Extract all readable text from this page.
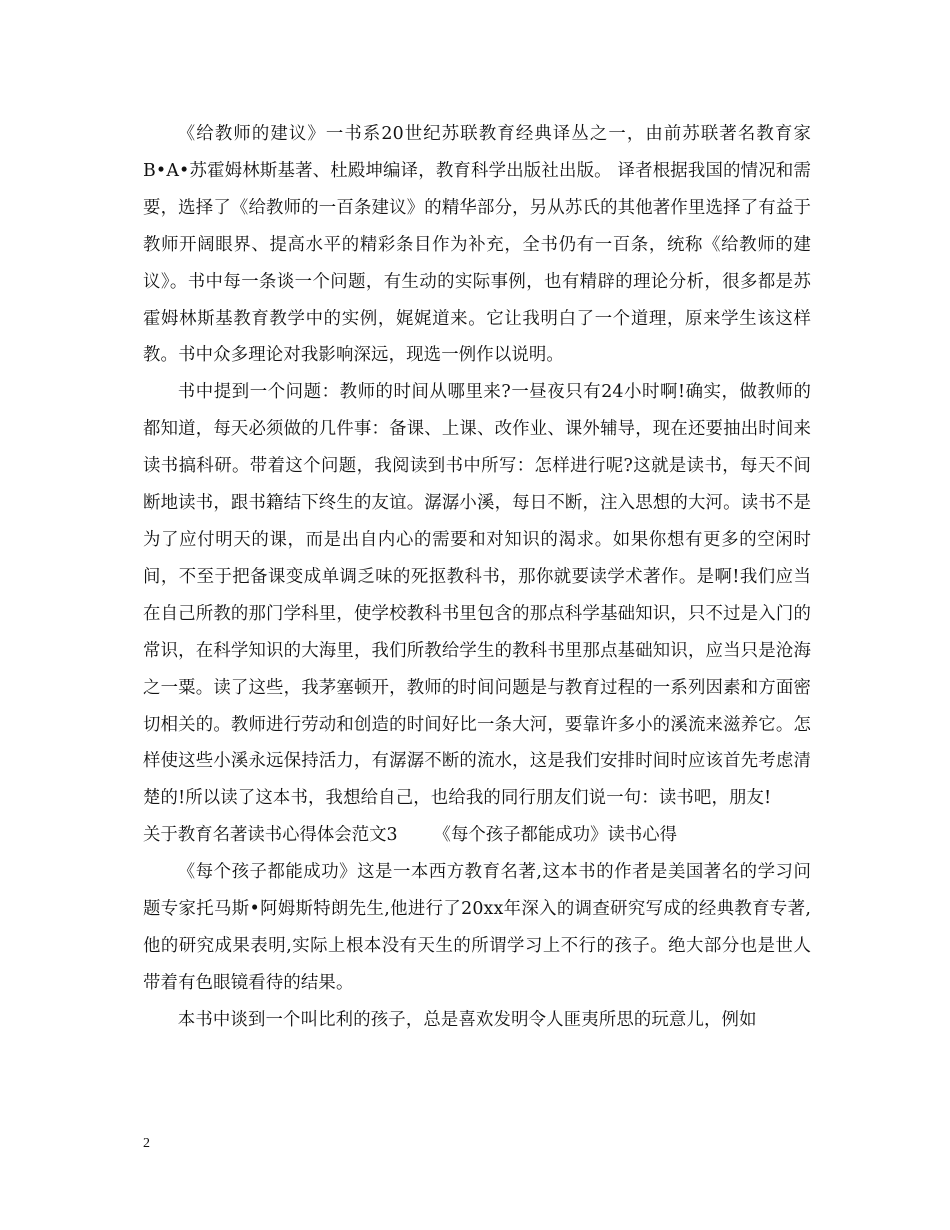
《给教师的建议》一书系20世纪苏联教育经典译丛之一，由前苏联著名教育家B•A•苏霍姆林斯基著、杜殿坤编译，教育科学出版社出版。 译者根据我国的情况和需要，选择了《给教师的一百条建议》的精华部分，另从苏氏的其他著作里选择了有益于教师开阔眼界、提高水平的精彩条目作为补充，全书仍有一百条，统称《给教师的建议》。书中每一条谈一个问题，有生动的实际事例，也有精辟的理论分析，很多都是苏霍姆林斯基教育教学中的实例，娓娓道来。它让我明白了一个道理，原来学生该这样教。书中众多理论对我影响深远，现选一例作以说明。

书中提到一个问题：教师的时间从哪里来?一昼夜只有24小时啊!确实，做教师的都知道，每天必须做的几件事：备课、上课、改作业、课外辅导，现在还要抽出时间来读书搞科研。带着这个问题，我阅读到书中所写：怎样进行呢?这就是读书，每天不间断地读书，跟书籍结下终生的友谊。潺潺小溪，每日不断，注入思想的大河。读书不是为了应付明天的课，而是出自内心的需要和对知识的渴求。如果你想有更多的空闲时间，不至于把备课变成单调乏味的死抠教科书，那你就要读学术著作。是啊!我们应当在自己所教的那门学科里，使学校教科书里包含的那点科学基础知识，只不过是入门的常识，在科学知识的大海里，我们所教给学生的教科书里那点基础知识，应当只是沧海之一粟。读了这些，我茅塞顿开，教师的时间问题是与教育过程的一系列因素和方面密切相关的。教师进行劳动和创造的时间好比一条大河，要靠许多小的溪流来滋养它。怎样使这些小溪永远保持活力，有潺潺不断的流水，这是我们安排时间时应该首先考虑清楚的!所以读了这本书，我想给自己，也给我的同行朋友们说一句：读书吧，朋友!

关于教育名著读书心得体会范文3 《每个孩子都能成功》读书心得

《每个孩子都能成功》这是一本西方教育名著,这本书的作者是美国著名的学习问题专家托马斯•阿姆斯特朗先生,他进行了20xx年深入的调查研究写成的经典教育专著,他的研究成果表明,实际上根本没有天生的所谓学习上不行的孩子。绝大部分也是世人带着有色眼镜看待的结果。

本书中谈到一个叫比利的孩子，总是喜欢发明令人匪夷所思的玩意儿，例如

2
